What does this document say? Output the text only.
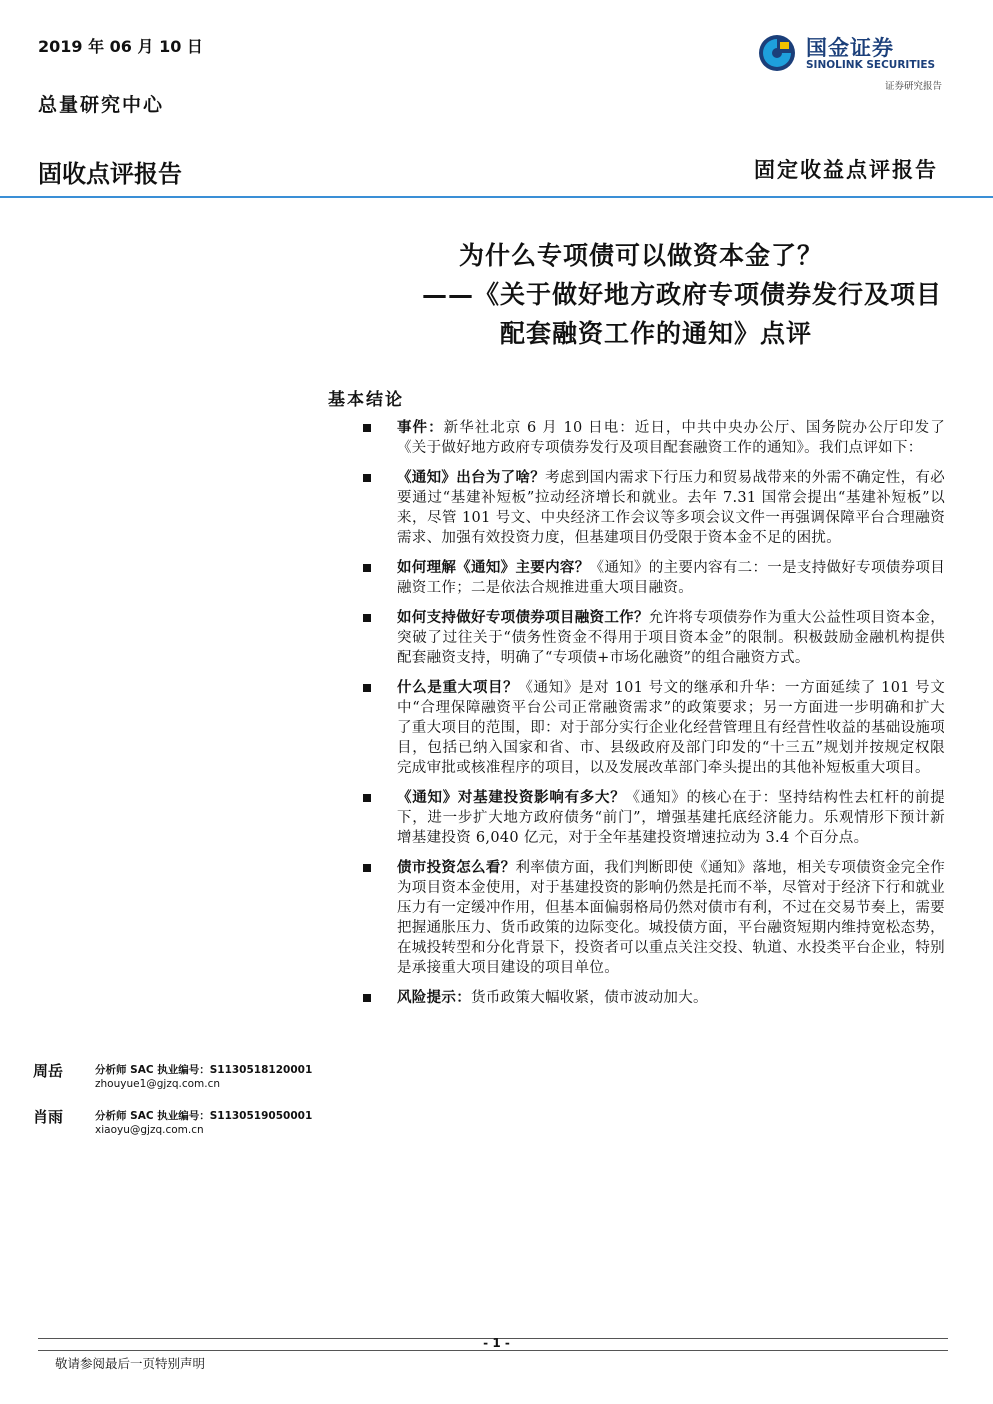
2019 年 06 月 10 日
总量研究中心
固收点评报告	固定收益点评报告
国金证券
SINOLINK SECURITIES
证券研究报告
为什么专项债可以做资本金了？
——《关于做好地方政府专项债券发行及项目
配套融资工作的通知》点评
基本结论
事件：新华社北京 6 月 10 日电：近日，中共中央办公厅、国务院办公厅印发了《关于做好地方政府专项债券发行及项目配套融资工作的通知》。我们点评如下：
《通知》出台为了啥？考虑到国内需求下行压力和贸易战带来的外需不确定性，有必要通过“基建补短板”拉动经济增长和就业。去年 7.31 国常会提出“基建补短板”以来，尽管 101 号文、中央经济工作会议等多项会议文件一再强调保障平台合理融资需求、加强有效投资力度，但基建项目仍受限于资本金不足的困扰。
如何理解《通知》主要内容？《通知》的主要内容有二：一是支持做好专项债券项目融资工作；二是依法合规推进重大项目融资。
如何支持做好专项债券项目融资工作？允许将专项债券作为重大公益性项目资本金，突破了过往关于“债务性资金不得用于项目资本金”的限制。积极鼓励金融机构提供配套融资支持，明确了“专项债+市场化融资”的组合融资方式。
什么是重大项目？《通知》是对 101 号文的继承和升华：一方面延续了 101 号文中“合理保障融资平台公司正常融资需求”的政策要求；另一方面进一步明确和扩大了重大项目的范围，即：对于部分实行企业化经营管理且有经营性收益的基础设施项目，包括已纳入国家和省、市、县级政府及部门印发的“十三五”规划并按规定权限完成审批或核准程序的项目，以及发展改革部门牵头提出的其他补短板重大项目。
《通知》对基建投资影响有多大？《通知》的核心在于：坚持结构性去杠杆的前提下，进一步扩大地方政府债务“前门”，增强基建托底经济能力。乐观情形下预计新增基建投资 6,040 亿元，对于全年基建投资增速拉动为 3.4 个百分点。
债市投资怎么看？利率债方面，我们判断即使《通知》落地，相关专项债资金完全作为项目资本金使用，对于基建投资的影响仍然是托而不举，尽管对于经济下行和就业压力有一定缓冲作用，但基本面偏弱格局仍然对债市有利，不过在交易节奏上，需要把握通胀压力、货币政策的边际变化。城投债方面，平台融资短期内维持宽松态势，在城投转型和分化背景下，投资者可以重点关注交投、轨道、水投类平台企业，特别是承接重大项目建设的项目单位。
风险提示：货币政策大幅收紧，债市波动加大。
周岳	分析师 SAC 执业编号：S1130518120001
zhouyue1@gjzq.com.cn
肖雨	分析师 SAC 执业编号：S1130519050001
xiaoyu@gjzq.com.cn
- 1 -
敬请参阅最后一页特别声明
